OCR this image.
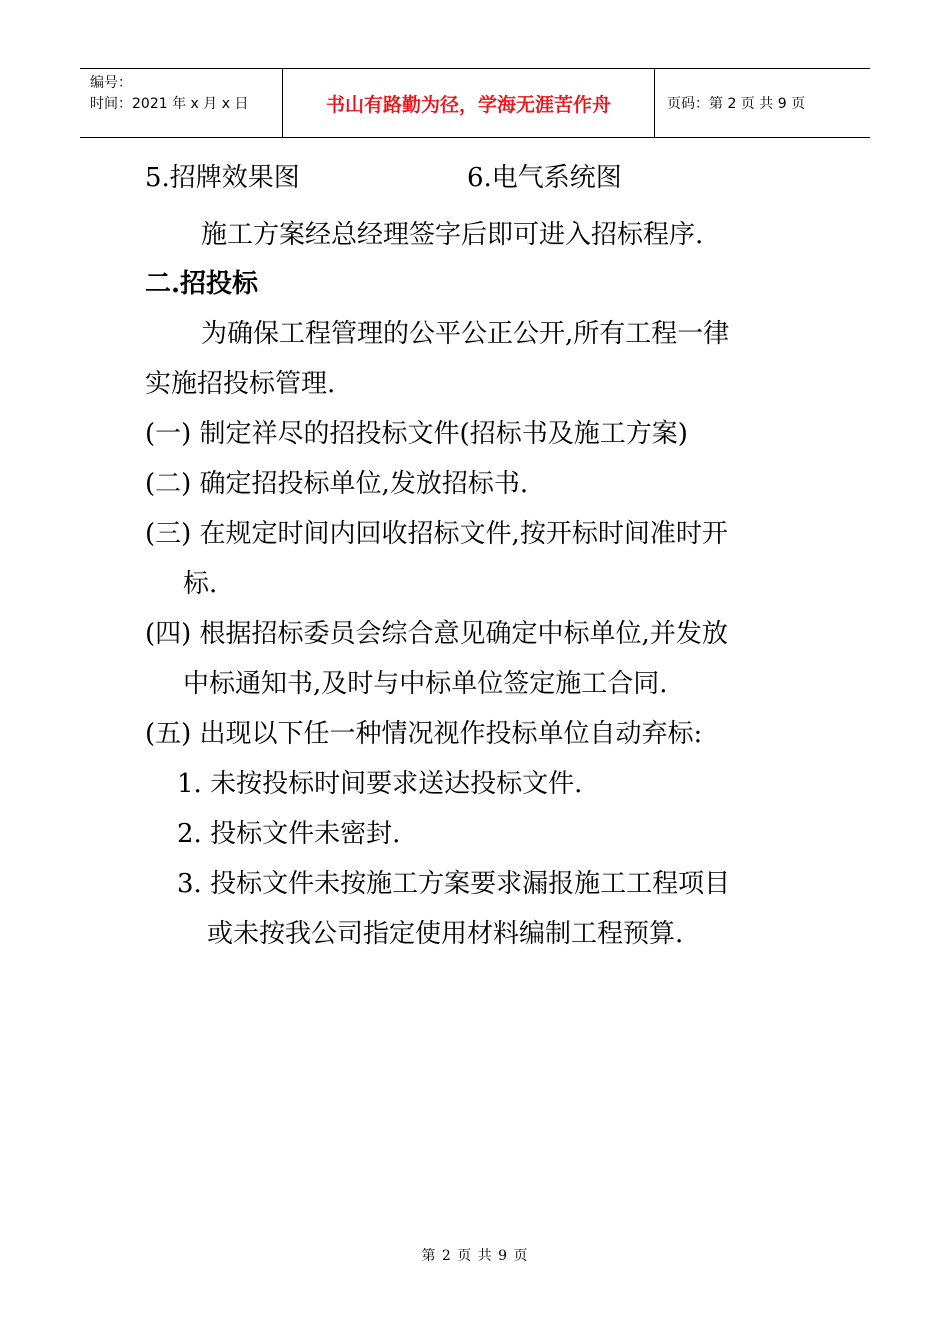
编号：
时间：2021 年 x 月 x 日	书山有路勤为径，学海无涯苦作舟	页码：第 2 页 共 9 页
5.招牌效果图	6.电气系统图
施工方案经总经理签字后即可进入招标程序.
二.招投标
为确保工程管理的公平公正公开,所有工程一律
实施招投标管理.
(一) 制定祥尽的招投标文件(招标书及施工方案)
(二) 确定招投标单位,发放招标书.
(三) 在规定时间内回收招标文件,按开标时间准时开
标.
(四) 根据招标委员会综合意见确定中标单位,并发放
中标通知书,及时与中标单位签定施工合同.
(五) 出现以下任一种情况视作投标单位自动弃标:
1. 未按投标时间要求送达投标文件.
2. 投标文件未密封.
3. 投标文件未按施工方案要求漏报施工工程项目
或未按我公司指定使用材料编制工程预算.
第 2 页 共 9 页
